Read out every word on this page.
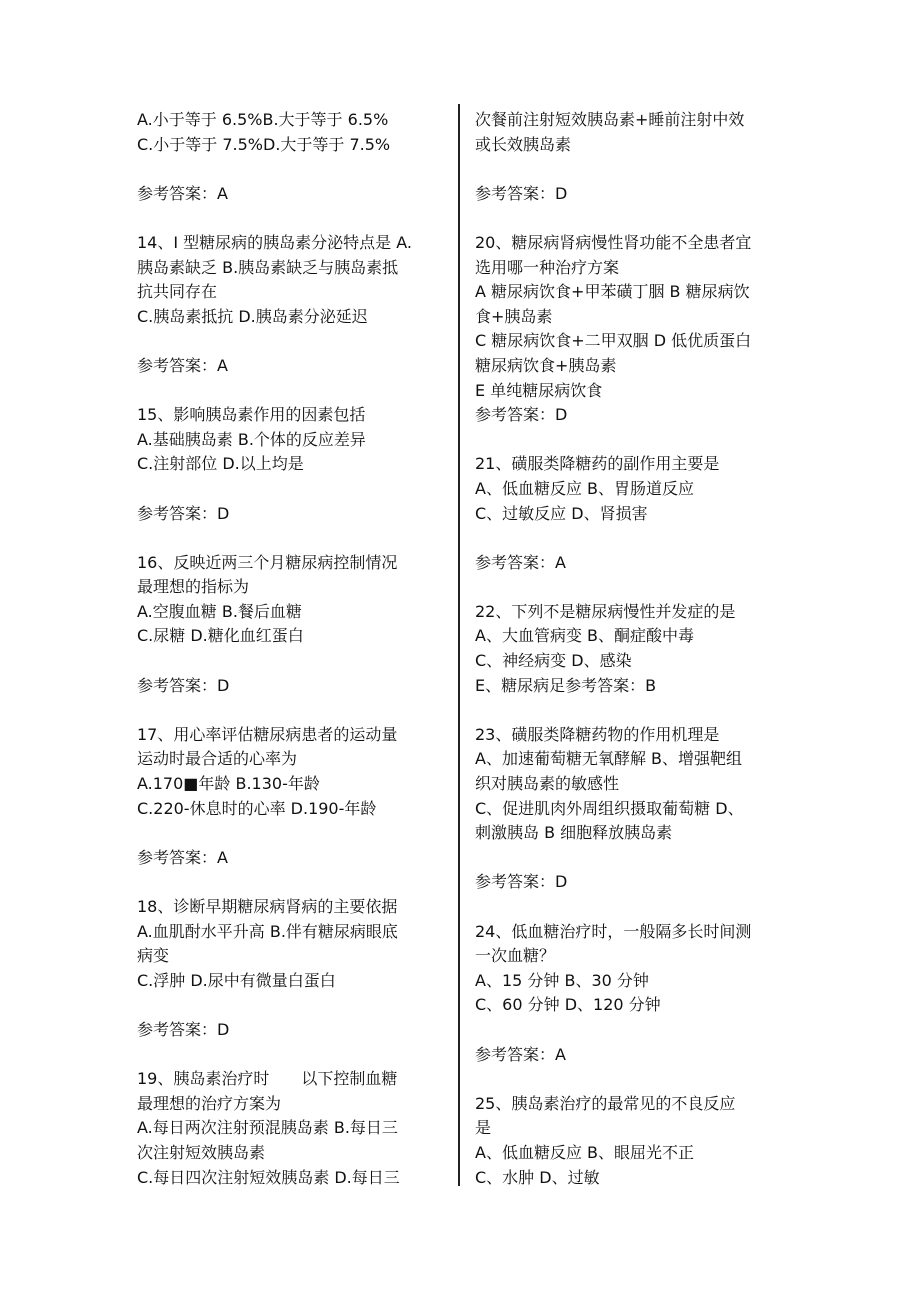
A.小于等于 6.5%B.大于等于 6.5%
C.小于等于 7.5%D.大于等于 7.5%
参考答案：A
14、I 型糖尿病的胰岛素分泌特点是 A.
胰岛素缺乏 B.胰岛素缺乏与胰岛素抵
抗共同存在
C.胰岛素抵抗 D.胰岛素分泌延迟
参考答案：A
15、影响胰岛素作用的因素包括
A.基础胰岛素 B.个体的反应差异
C.注射部位 D.以上均是
参考答案：D
16、反映近两三个月糖尿病控制情况
最理想的指标为
A.空腹血糖 B.餐后血糖
C.尿糖 D.糖化血红蛋白
参考答案：D
17、用心率评估糖尿病患者的运动量
运动时最合适的心率为
A.170■年龄 B.130-年龄
C.220-休息时的心率 D.190-年龄
参考答案：A
18、诊断早期糖尿病肾病的主要依据
A.血肌酎水平升高 B.伴有糖尿病眼底
病变
C.浮肿 D.尿中有微量白蛋白
参考答案：D
19、胰岛素治疗时　　以下控制血糖
最理想的治疗方案为
A.每日两次注射预混胰岛素 B.每日三
次注射短效胰岛素
C.每日四次注射短效胰岛素 D.每日三
次餐前注射短效胰岛素+睡前注射中效
或长效胰岛素
参考答案：D
20、糖尿病肾病慢性肾功能不全患者宜
选用哪一种治疗方案
A 糖尿病饮食+甲苯磺丁胭 B 糖尿病饮
食+胰岛素
C 糖尿病饮食+二甲双胭 D 低优质蛋白
糖尿病饮食+胰岛素
E 单纯糖尿病饮食
参考答案：D
21、磺服类降糖药的副作用主要是
A、低血糖反应 B、胃肠道反应
C、过敏反应 D、肾损害
参考答案：A
22、下列不是糖尿病慢性并发症的是
A、大血管病变 B、酮症酸中毒
C、神经病变 D、感染
E、糖尿病足参考答案：B
23、磺服类降糖药物的作用机理是
A、加速葡萄糖无氧酵解 B、增强靶组
织对胰岛素的敏感性
C、促进肌肉外周组织摄取葡萄糖 D、
刺激胰岛 B 细胞释放胰岛素
参考答案：D
24、低血糖治疗时，一般隔多长时间测
一次血糖？
A、15 分钟 B、30 分钟
C、60 分钟 D、120 分钟
参考答案：A
25、胰岛素治疗的最常见的不良反应
是
A、低血糖反应 B、眼屈光不正
C、水肿 D、过敏
